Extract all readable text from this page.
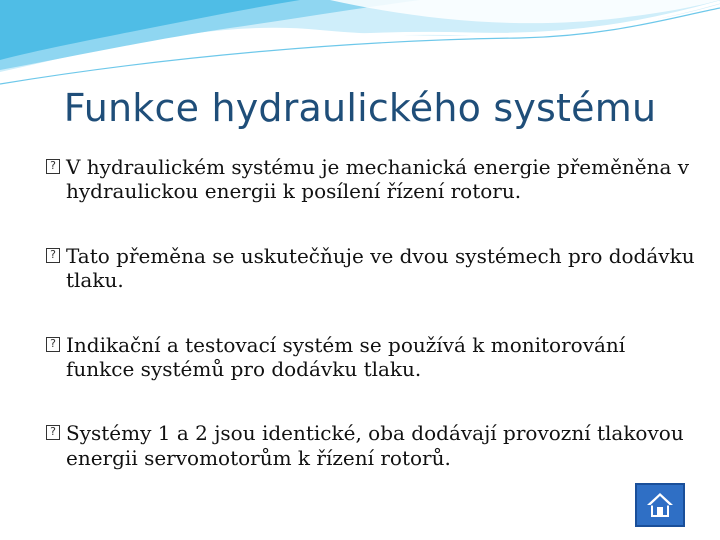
Funkce hydraulického systému
? V hydraulickém systému je mechanická energie přeměněna v hydraulickou energii k posílení řízení rotoru.
? Tato přeměna se uskutečňuje ve dvou systémech pro dodávku tlaku.
? Indikační a testovací systém se používá k monitorování funkce systémů pro dodávku tlaku.
? Systémy 1 a 2 jsou identické, oba dodávají provozní tlakovou energii servomotorům k řízení rotorů.
